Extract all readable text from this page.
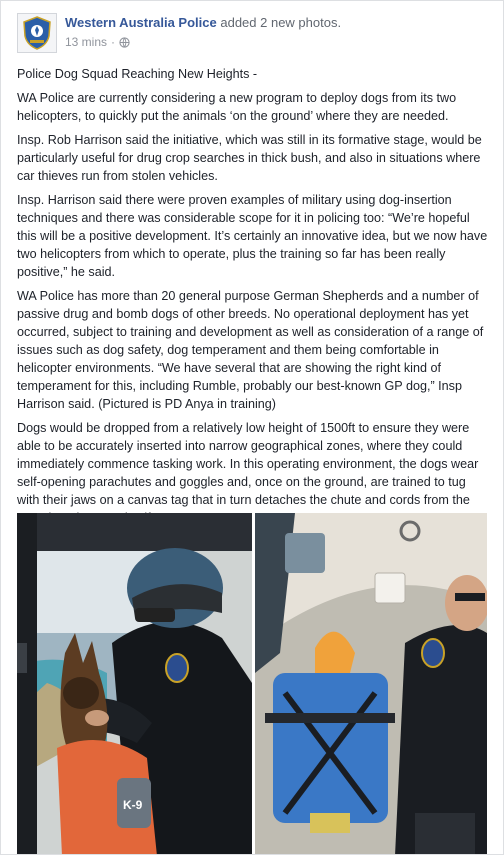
Western Australia Police added 2 new photos.
13 mins ·

Police Dog Squad Reaching New Heights -

WA Police are currently considering a new program to deploy dogs from its two helicopters, to quickly put the animals ‘on the ground’ where they are needed.

Insp. Rob Harrison said the initiative, which was still in its formative stage, would be particularly useful for drug crop searches in thick bush, and also in situations where car thieves run from stolen vehicles.

Insp. Harrison said there were proven examples of military using dog-insertion techniques and there was considerable scope for it in policing too: “We’re hopeful this will be a positive development. It’s certainly an innovative idea, but we now have two helicopters from which to operate, plus the training so far has been really positive,” he said.

WA Police has more than 20 general purpose German Shepherds and a number of passive drug and bomb dogs of other breeds. No operational deployment has yet occurred, subject to training and development as well as consideration of a range of issues such as dog safety, dog temperament and them being comfortable in helicopter environments. “We have several that are showing the right kind of temperament for this, including Rumble, probably our best-known GP dog,” Insp Harrison said. (Pictured is PD Anya in training)

Dogs would be dropped from a relatively low height of 1500ft to ensure they were able to be accurately inserted into narrow geographical zones, where they could immediately commence tasking work. In this operating environment, the dogs wear self-opening parachutes and goggles and, once on the ground, are trained to tug with their jaws on a canvas tag that in turn detaches the chute and cords from the

K-9
